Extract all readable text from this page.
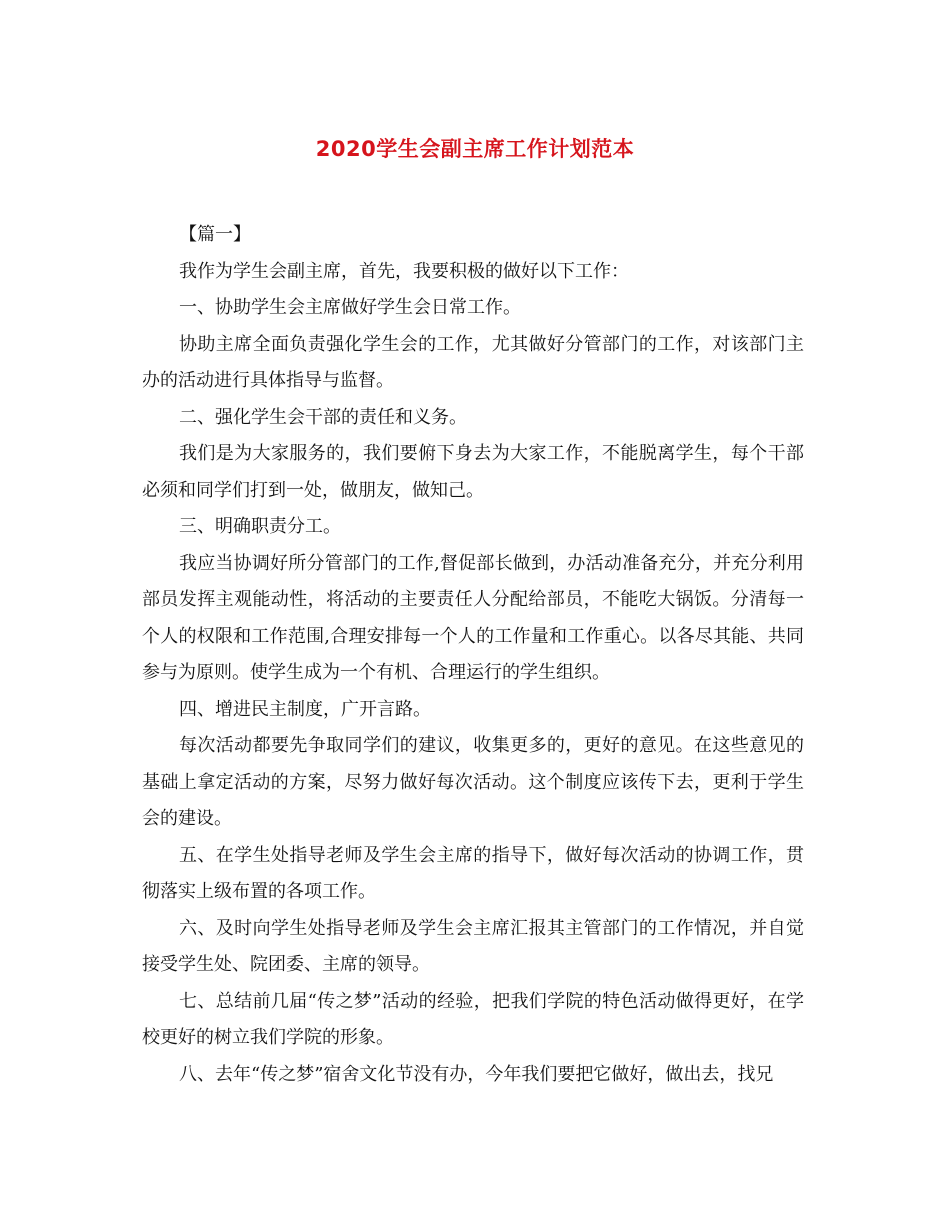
2020学生会副主席工作计划范本

【篇一】

我作为学生会副主席，首先，我要积极的做好以下工作：

一、协助学生会主席做好学生会日常工作。

协助主席全面负责强化学生会的工作，尤其做好分管部门的工作，对该部门主办的活动进行具体指导与监督。

二、强化学生会干部的责任和义务。

我们是为大家服务的，我们要俯下身去为大家工作，不能脱离学生，每个干部必须和同学们打到一处，做朋友，做知己。

三、明确职责分工。

我应当协调好所分管部门的工作,督促部长做到，办活动准备充分，并充分利用部员发挥主观能动性，将活动的主要责任人分配给部员，不能吃大锅饭。分清每一个人的权限和工作范围,合理安排每一个人的工作量和工作重心。以各尽其能、共同参与为原则。使学生成为一个有机、合理运行的学生组织。

四、增进民主制度，广开言路。

每次活动都要先争取同学们的建议，收集更多的，更好的意见。在这些意见的基础上拿定活动的方案，尽努力做好每次活动。这个制度应该传下去，更利于学生会的建设。

五、在学生处指导老师及学生会主席的指导下，做好每次活动的协调工作，贯彻落实上级布置的各项工作。

六、及时向学生处指导老师及学生会主席汇报其主管部门的工作情况，并自觉接受学生处、院团委、主席的领导。

七、总结前几届“传之梦”活动的经验，把我们学院的特色活动做得更好，在学校更好的树立我们学院的形象。

八、去年“传之梦”宿舍文化节没有办，今年我们要把它做好，做出去，找兄
